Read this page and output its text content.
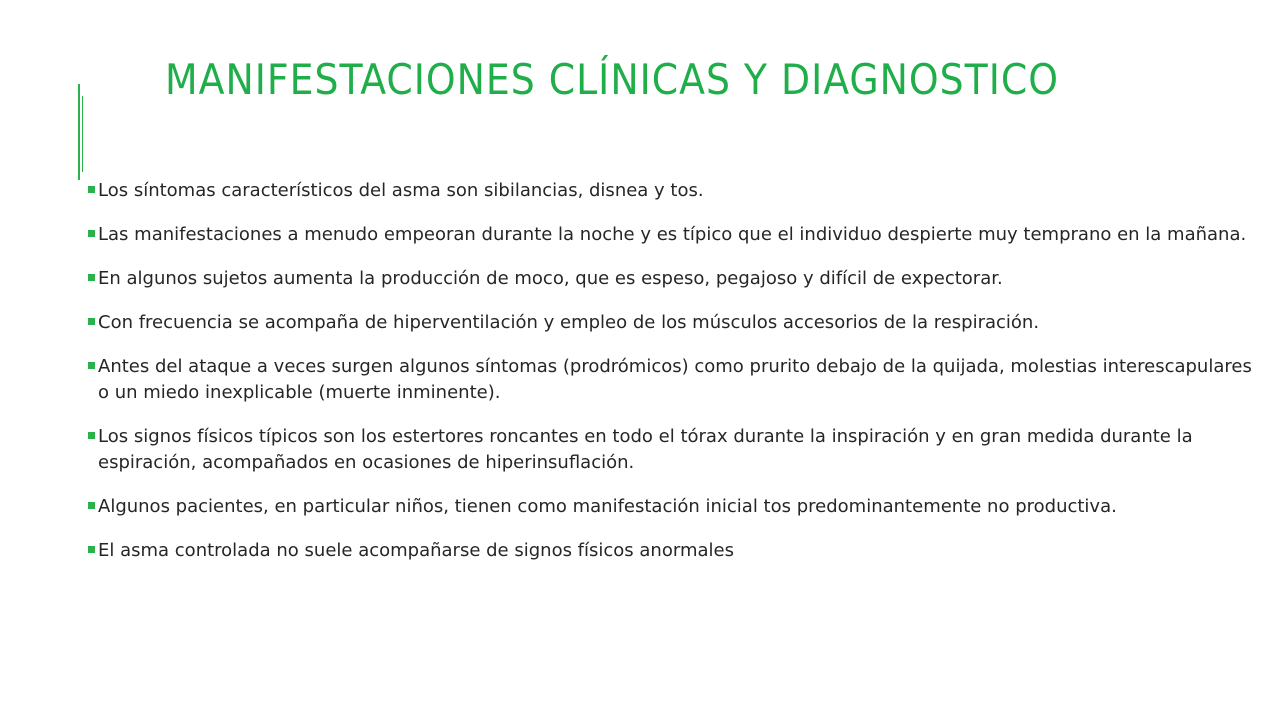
MANIFESTACIONES CLÍNICAS Y DIAGNOSTICO
Los síntomas característicos del asma son sibilancias, disnea y tos.
Las manifestaciones a menudo empeoran durante la noche y es típico que el individuo despierte muy temprano en la mañana.
En algunos sujetos aumenta la producción de moco, que es espeso, pegajoso y difícil de expectorar.
Con frecuencia se acompaña de hiperventilación y empleo de los músculos accesorios de la respiración.
Antes del ataque a veces surgen algunos síntomas (prodrómicos) como prurito debajo de la quijada, molestias interescapulares o un miedo inexplicable (muerte inminente).
Los signos físicos típicos son los estertores roncantes en todo el tórax durante la inspiración y en gran medida durante la espiración, acompañados en ocasiones de hiperinsuflación.
Algunos pacientes, en particular niños, tienen como manifestación inicial tos predominantemente no productiva.
El asma controlada no suele acompañarse de signos físicos anormales
